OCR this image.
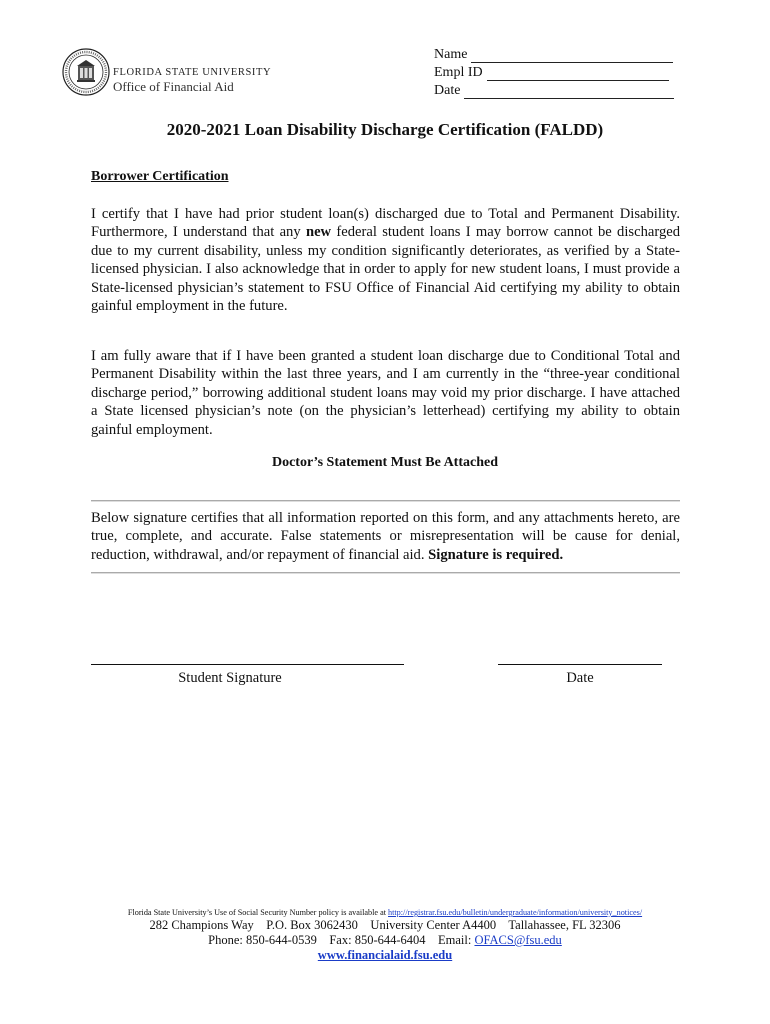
FLORIDA STATE UNIVERSITY
Office of Financial Aid
Name
Empl ID
Date
2020-2021 Loan Disability Discharge Certification (FALDD)
Borrower Certification
I certify that I have had prior student loan(s) discharged due to Total and Permanent Disability. Furthermore, I understand that any new federal student loans I may borrow cannot be discharged due to my current disability, unless my condition significantly deteriorates, as verified by a State-licensed physician. I also acknowledge that in order to apply for new student loans, I must provide a State-licensed physician’s statement to FSU Office of Financial Aid certifying my ability to obtain gainful employment in the future.
I am fully aware that if I have been granted a student loan discharge due to Conditional Total and Permanent Disability within the last three years, and I am currently in the “three-year conditional discharge period,” borrowing additional student loans may void my prior discharge. I have attached a State licensed physician’s note (on the physician’s letterhead) certifying my ability to obtain gainful employment.
Doctor’s Statement Must Be Attached
Below signature certifies that all information reported on this form, and any attachments hereto, are true, complete, and accurate. False statements or misrepresentation will be cause for denial, reduction, withdrawal, and/or repayment of financial aid. Signature is required.
Student Signature	Date
Florida State University’s Use of Social Security Number policy is available at http://registrar.fsu.edu/bulletin/undergraduate/information/university_notices/
282 Champions Way    P.O. Box 3062430    University Center A4400    Tallahassee, FL 32306
Phone: 850-644-0539    Fax: 850-644-6404    Email: OFACS@fsu.edu
www.financialaid.fsu.edu
